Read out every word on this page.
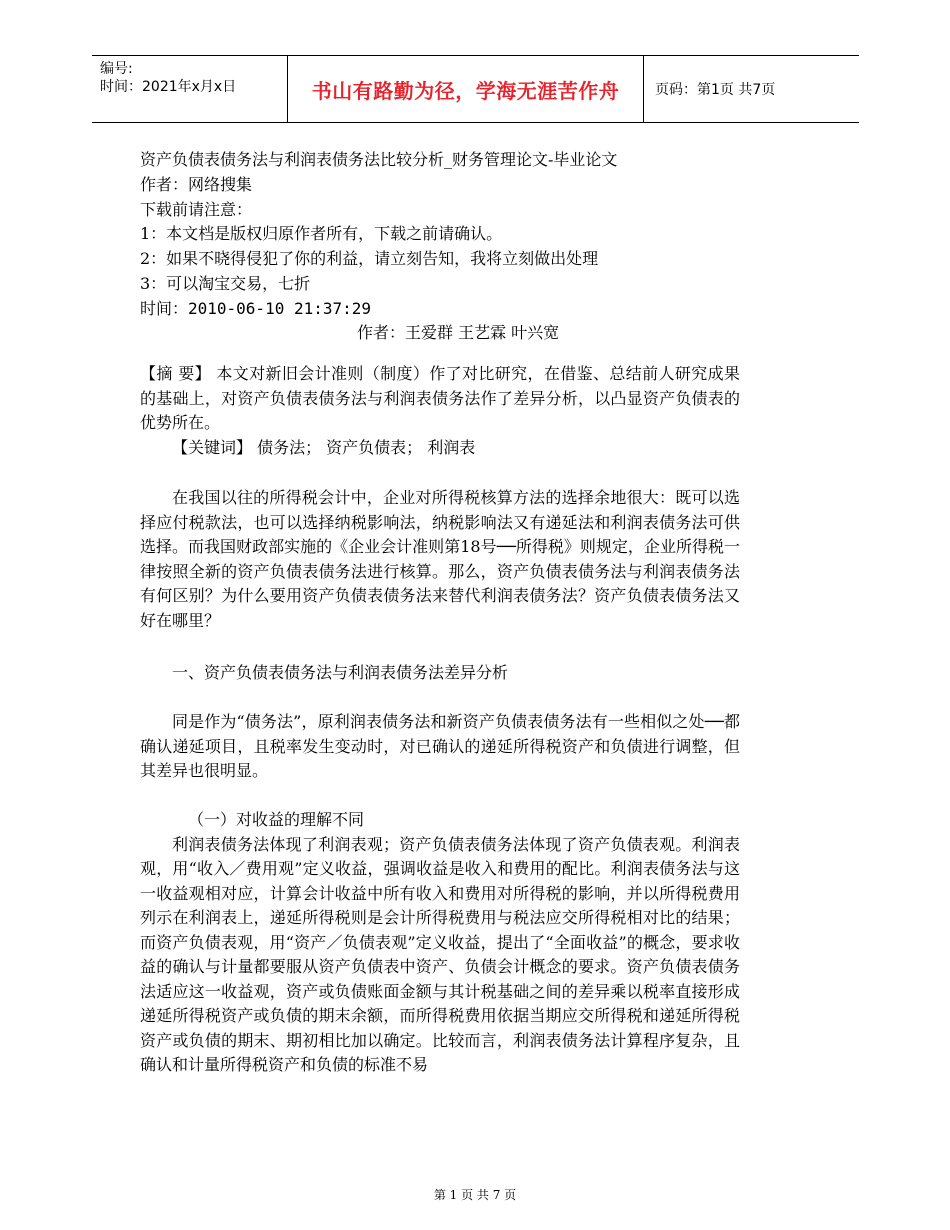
编号:
时间：2021年x月x日	书山有路勤为径，学海无涯苦作舟	页码：第1页 共7页
资产负债表债务法与利润表债务法比较分析_财务管理论文-毕业论文
作者：网络搜集
下载前请注意：
1：本文档是版权归原作者所有，下载之前请确认。
2：如果不晓得侵犯了你的利益，请立刻告知，我将立刻做出处理
3：可以淘宝交易，七折
时间：2010-06-10 21:37:29
作者：王爱群 王艺霖 叶兴宽

【摘 要】 本文对新旧会计准则（制度）作了对比研究，在借鉴、总结前人研究成果的基础上，对资产负债表债务法与利润表债务法作了差异分析，以凸显资产负债表的优势所在。

【关键词】 债务法； 资产负债表； 利润表

在我国以往的所得税会计中，企业对所得税核算方法的选择余地很大：既可以选择应付税款法，也可以选择纳税影响法，纳税影响法又有递延法和利润表债务法可供选择。而我国财政部实施的《企业会计准则第18号──所得税》则规定，企业所得税一律按照全新的资产负债表债务法进行核算。那么，资产负债表债务法与利润表债务法有何区别？为什么要用资产负债表债务法来替代利润表债务法？资产负债表债务法又好在哪里？

一、资产负债表债务法与利润表债务法差异分析

同是作为“债务法”，原利润表债务法和新资产负债表债务法有一些相似之处──都确认递延项目，且税率发生变动时，对已确认的递延所得税资产和负债进行调整，但其差异也很明显。

（一）对收益的理解不同

利润表债务法体现了利润表观；资产负债表债务法体现了资产负债表观。利润表观，用“收入／费用观”定义收益，强调收益是收入和费用的配比。利润表债务法与这一收益观相对应，计算会计收益中所有收入和费用对所得税的影响，并以所得税费用列示在利润表上，递延所得税则是会计所得税费用与税法应交所得税相对比的结果；而资产负债表观，用“资产／负债表观”定义收益，提出了“全面收益”的概念，要求收益的确认与计量都要服从资产负债表中资产、负债会计概念的要求。资产负债表债务法适应这一收益观，资产或负债账面金额与其计税基础之间的差异乘以税率直接形成递延所得税资产或负债的期末余额，而所得税费用依据当期应交所得税和递延所得税资产或负债的期末、期初相比加以确定。比较而言，利润表债务法计算程序复杂，且确认和计量所得税资产和负债的标准不易

第 1 页 共 7 页
